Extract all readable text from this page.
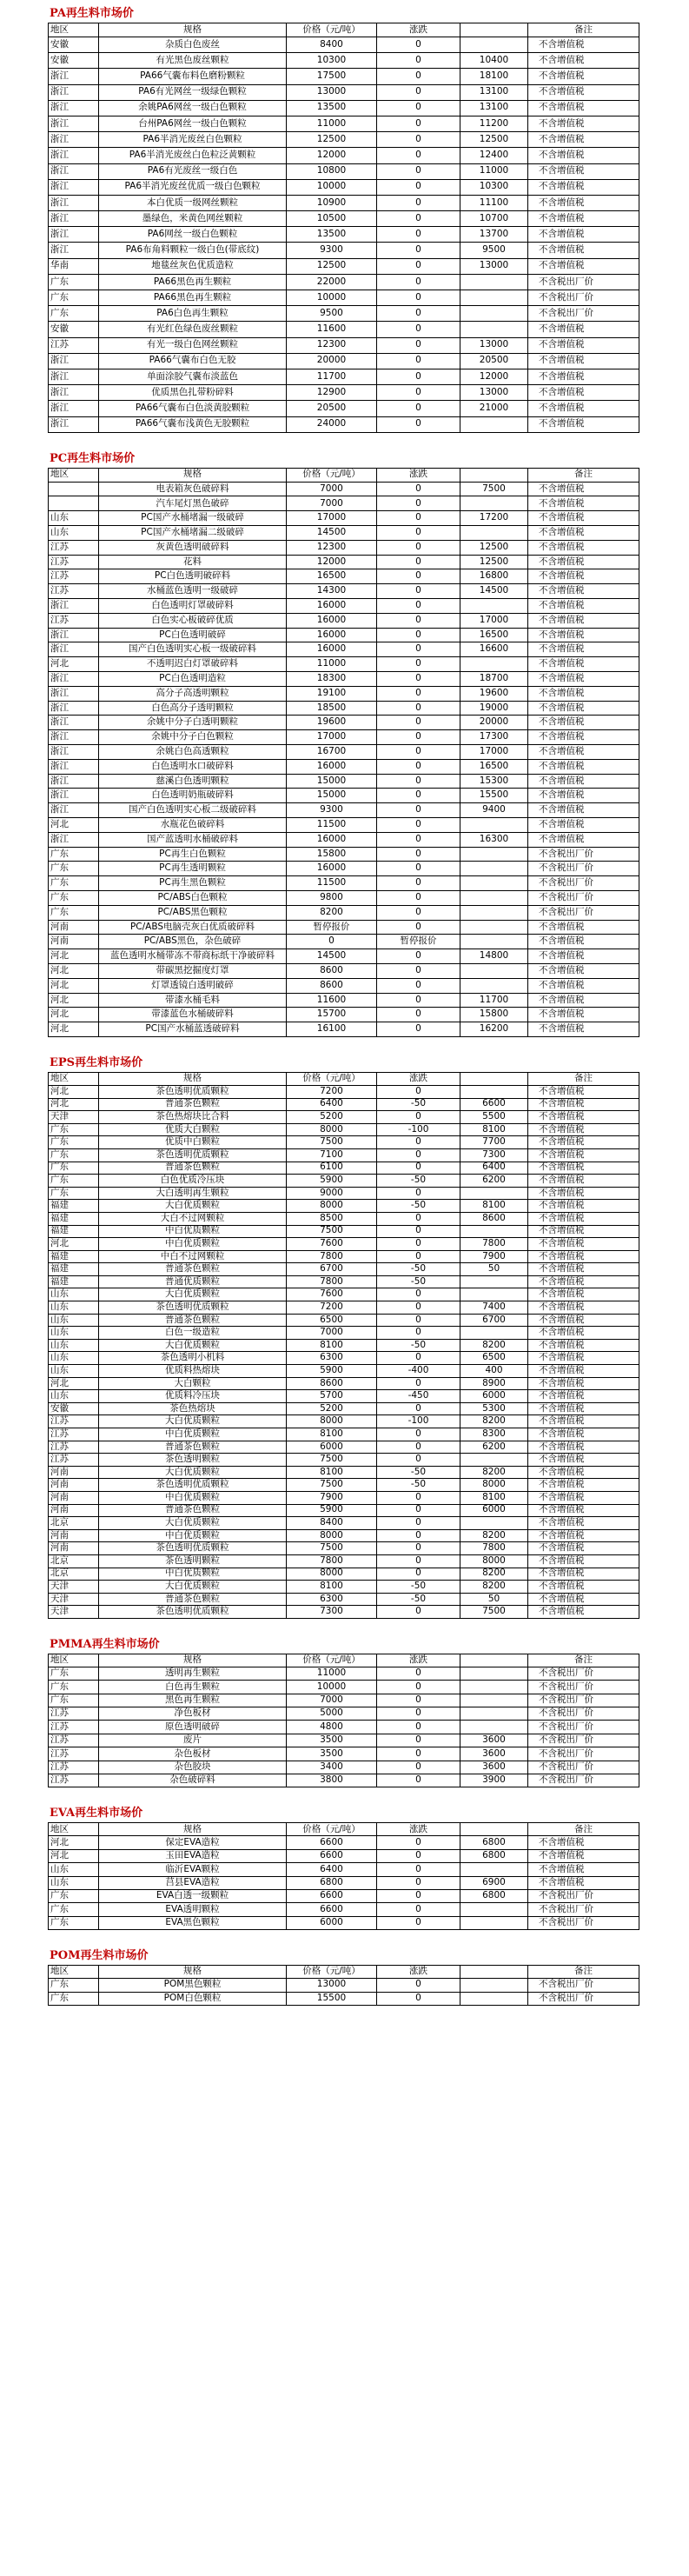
PA再生料市场价
地区	规格	价格（元/吨）	涨跌		备注
安徽	杂质白色废丝	8400	0		不含增值税
安徽	有光黑色废丝颗粒	10300	0	10400	不含增值税
浙江	PA66气囊布料色磨粉颗粒	17500	0	18100	不含增值税
浙江	PA6有光网丝一级绿色颗粒	13000	0	13100	不含增值税
浙江	余姚PA6网丝一级白色颗粒	13500	0	13100	不含增值税
浙江	台州PA6网丝一级白色颗粒	11000	0	11200	不含增值税
浙江	PA6半消光废丝白色颗粒	12500	0	12500	不含增值税
浙江	PA6半消光废丝白色粒泛黄颗粒	12000	0	12400	不含增值税
浙江	PA6有光废丝一级白色	10800	0	11000	不含增值税
浙江	PA6半消光废丝优质一级白色颗粒	10000	0	10300	不含增值税
浙江	本白优质一级网丝颗粒	10900	0	11100	不含增值税
浙江	墨绿色，米黄色网丝颗粒	10500	0	10700	不含增值税
浙江	PA6网丝一级白色颗粒	13500	0	13700	不含增值税
浙江	PA6布角料颗粒一级白色(带底纹)	9300	0	9500	不含增值税
华南	地毯丝灰色优质造粒	12500	0	13000	不含增值税
广东	PA66黑色再生颗粒	22000	0		不含税出厂价
广东	PA66黑色再生颗粒	10000	0		不含税出厂价
广东	PA6白色再生颗粒	9500	0		不含税出厂价
安徽	有光红色绿色废丝颗粒	11600	0		不含增值税
江苏	有光一级白色网丝颗粒	12300	0	13000	不含增值税
浙江	PA66气囊布白色无胶	20000	0	20500	不含增值税
浙江	单面涂胶气囊布淡蓝色	11700	0	12000	不含增值税
浙江	优质黑色扎带粉碎料	12900	0	13000	不含增值税
浙江	PA66气囊布白色淡黄胶颗粒	20500	0	21000	不含增值税
浙江	PA66气囊布浅黄色无胶颗粒	24000	0		不含增值税
PC再生料市场价
地区	规格	价格（元/吨）	涨跌		备注
	电表箱灰色破碎料	7000	0	7500	不含增值税
	汽车尾灯黑色破碎	7000	0		不含增值税
山东	PC国产水桶堵漏一级破碎	17000	0	17200	不含增值税
山东	PC国产水桶堵漏二级破碎	14500	0		不含增值税
江苏	灰黄色透明破碎料	12300	0	12500	不含增值税
江苏	花料	12000	0	12500	不含增值税
江苏	PC白色透明破碎料	16500	0	16800	不含增值税
江苏	水桶蓝色透明一级破碎	14300	0	14500	不含增值税
浙江	白色透明灯罩破碎料	16000	0		不含增值税
江苏	白色实心板破碎优质	16000	0	17000	不含增值税
浙江	PC白色透明破碎	16000	0	16500	不含增值税
浙江	国产白色透明实心板一级破碎料	16000	0	16600	不含增值税
河北	不透明迟白灯罩破碎料	11000	0		不含增值税
浙江	PC白色透明造粒	18300	0	18700	不含增值税
浙江	高分子高透明颗粒	19100	0	19600	不含增值税
浙江	白色高分子透明颗粒	18500	0	19000	不含增值税
浙江	余姚中分子白透明颗粒	19600	0	20000	不含增值税
浙江	余姚中分子白色颗粒	17000	0	17300	不含增值税
浙江	余姚白色高透颗粒	16700	0	17000	不含增值税
浙江	白色透明水口破碎料	16000	0	16500	不含增值税
浙江	慈溪白色透明颗粒	15000	0	15300	不含增值税
浙江	白色透明奶瓶破碎料	15000	0	15500	不含增值税
浙江	国产白色透明实心板二级破碎料	9300	0	9400	不含增值税
河北	水瓶花色破碎料	11500	0		不含增值税
浙江	国产蓝透明水桶破碎料	16000	0	16300	不含增值税
广东	PC再生白色颗粒	15800	0		不含税出厂价
广东	PC再生透明颗粒	16000	0		不含税出厂价
广东	PC再生黑色颗粒	11500	0		不含税出厂价
广东	PC/ABS白色颗粒	9800	0		不含税出厂价
广东	PC/ABS黑色颗粒	8200	0		不含税出厂价
河南	PC/ABS电脑壳灰白优质破碎料	暂停报价	0		不含增值税
河南	PC/ABS黑色，杂色破碎	0	暂停报价		不含增值税
河北	蓝色透明水桶带冻不带商标纸干净破碎料	14500	0	14800	不含增值税
河北	带碳黑挖掘度灯罩	8600	0		不含增值税
河北	灯罩透镜白透明破碎	8600	0		不含增值税
河北	带漆水桶毛料	11600	0	11700	不含增值税
河北	带漆蓝色水桶破碎料	15700	0	15800	不含增值税
河北	PC国产水桶蓝透破碎料	16100	0	16200	不含增值税
EPS再生料市场价
地区	规格	价格（元/吨）	涨跌		备注
河北	茶色透明优质颗粒	7200	0		不含增值税
河北	普通茶色颗粒	6400	-50	6600	不含增值税
天津	茶色热熔块比合料	5200	0	5500	不含增值税
广东	优质大白颗粒	8000	-100	8100	不含增值税
广东	优质中白颗粒	7500	0	7700	不含增值税
广东	茶色透明优质颗粒	7100	0	7300	不含增值税
广东	普通茶色颗粒	6100	0	6400	不含增值税
广东	白色优质冷压块	5900	-50	6200	不含增值税
广东	大白透明再生颗粒	9000	0		不含增值税
福建	大白优质颗粒	8000	-50	8100	不含增值税
福建	大白不过网颗粒	8500	0	8600	不含增值税
福建	中白优质颗粒	7500	0		不含增值税
河北	中白优质颗粒	7600	0	7800	不含增值税
福建	中白不过网颗粒	7800	0	7900	不含增值税
福建	普通茶色颗粒	6700	-50	50	不含增值税
福建	普通优质颗粒	7800	-50		不含增值税
山东	大白优质颗粒	7600	0		不含增值税
山东	茶色透明优质颗粒	7200	0	7400	不含增值税
山东	普通茶色颗粒	6500	0	6700	不含增值税
山东	白色一级造粒	7000	0		不含增值税
山东	大白优质颗粒	8100	-50	8200	不含增值税
山东	茶色透明小机料	6300	0	6500	不含增值税
山东	优质料热熔块	5900	-400	400	不含增值税
河北	大白颗粒	8600	0	8900	不含增值税
山东	优质料冷压块	5700	-450	6000	不含增值税
安徽	茶色热熔块	5200	0	5300	不含增值税
江苏	大白优质颗粒	8000	-100	8200	不含增值税
江苏	中白优质颗粒	8100	0	8300	不含增值税
江苏	普通茶色颗粒	6000	0	6200	不含增值税
江苏	茶色透明颗粒	7500	0		不含增值税
河南	大白优质颗粒	8100	-50	8200	不含增值税
河南	茶色透明优质颗粒	7500	-50	8000	不含增值税
河南	中白优质颗粒	7900	0	8100	不含增值税
河南	普通茶色颗粒	5900	0	6000	不含增值税
北京	大白优质颗粒	8400	0		不含增值税
河南	中白优质颗粒	8000	0	8200	不含增值税
河南	茶色透明优质颗粒	7500	0	7800	不含增值税
北京	茶色透明颗粒	7800	0	8000	不含增值税
北京	中白优质颗粒	8000	0	8200	不含增值税
天津	大白优质颗粒	8100	-50	8200	不含增值税
天津	普通茶色颗粒	6300	-50	50	不含增值税
天津	茶色透明优质颗粒	7300	0	7500	不含增值税
PMMA再生料市场价
地区	规格	价格（元/吨）	涨跌		备注
广东	透明再生颗粒	11000	0		不含税出厂价
广东	白色再生颗粒	10000	0		不含税出厂价
广东	黑色再生颗粒	7000	0		不含税出厂价
江苏	净色板材	5000	0		不含税出厂价
江苏	原色透明破碎	4800	0		不含税出厂价
江苏	废片	3500	0	3600	不含税出厂价
江苏	杂色板材	3500	0	3600	不含税出厂价
江苏	杂色胶块	3400	0	3600	不含税出厂价
江苏	杂色破碎料	3800	0	3900	不含税出厂价
EVA再生料市场价
地区	规格	价格（元/吨）	涨跌		备注
河北	保定EVA造粒	6600	0	6800	不含增值税
河北	玉田EVA造粒	6600	0	6800	不含增值税
山东	临沂EVA颗粒	6400	0		不含增值税
山东	莒县EVA造粒	6800	0	6900	不含增值税
广东	EVA白透一级颗粒	6600	0	6800	不含税出厂价
广东	EVA透明颗粒	6600	0		不含税出厂价
广东	EVA黑色颗粒	6000	0		不含税出厂价
POM再生料市场价
地区	规格	价格（元/吨）	涨跌		备注
广东	POM黑色颗粒	13000	0		不含税出厂价
广东	POM白色颗粒	15500	0		不含税出厂价
